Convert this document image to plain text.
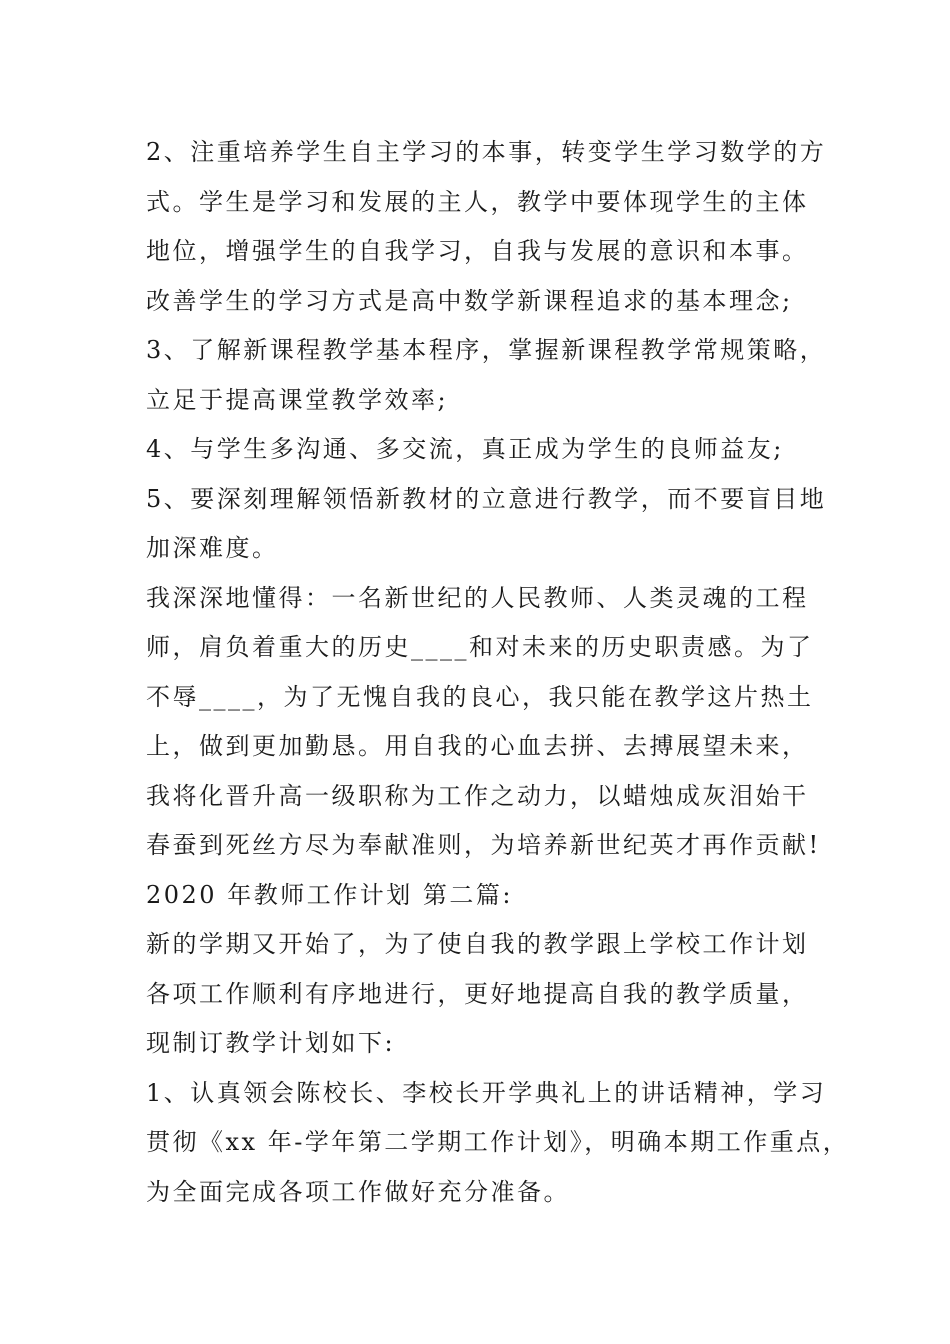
2、注重培养学生自主学习的本事，转变学生学习数学的方
式。学生是学习和发展的主人，教学中要体现学生的主体
地位，增强学生的自我学习，自我与发展的意识和本事。
改善学生的学习方式是高中数学新课程追求的基本理念;
3、了解新课程教学基本程序，掌握新课程教学常规策略，
立足于提高课堂教学效率;
4、与学生多沟通、多交流，真正成为学生的良师益友;
5、要深刻理解领悟新教材的立意进行教学，而不要盲目地
加深难度。
我深深地懂得：一名新世纪的人民教师、人类灵魂的工程
师，肩负着重大的历史____和对未来的历史职责感。为了
不辱____，为了无愧自我的良心，我只能在教学这片热土
上，做到更加勤恳。用自我的心血去拼、去搏展望未来，
我将化晋升高一级职称为工作之动力，以蜡烛成灰泪始干
春蚕到死丝方尽为奉献准则，为培养新世纪英才再作贡献!
2020 年教师工作计划 第二篇:
新的学期又开始了，为了使自我的教学跟上学校工作计划
各项工作顺利有序地进行，更好地提高自我的教学质量，
现制订教学计划如下:
1、认真领会陈校长、李校长开学典礼上的讲话精神，学习
贯彻《xx 年-学年第二学期工作计划》，明确本期工作重点，
为全面完成各项工作做好充分准备。
